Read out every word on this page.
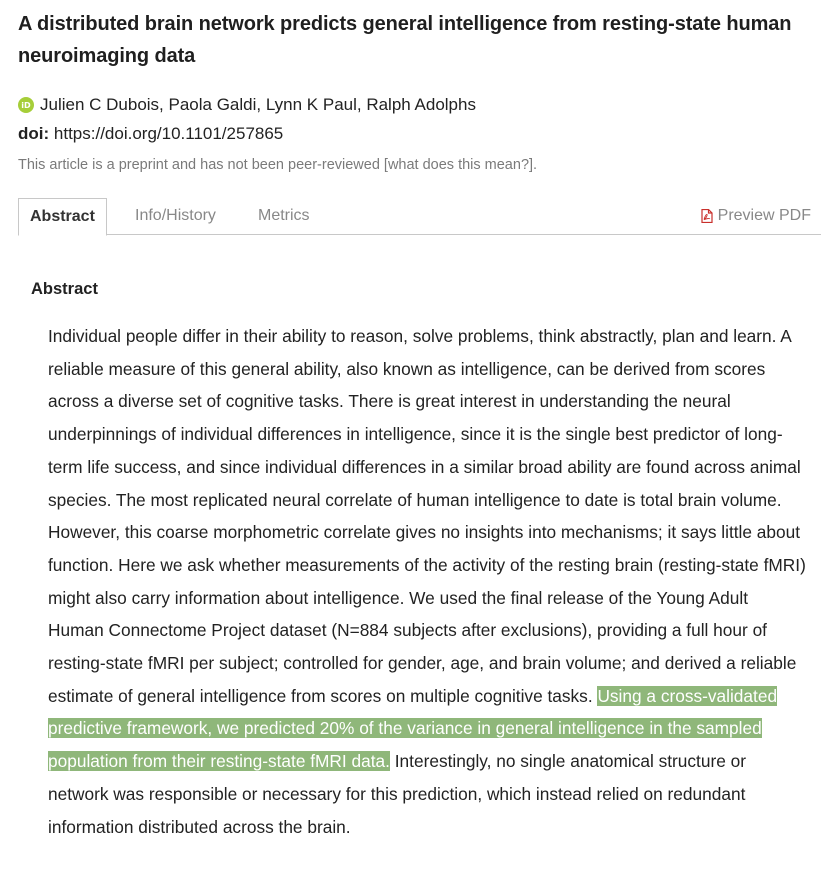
A distributed brain network predicts general intelligence from resting-state human neuroimaging data
iD Julien C Dubois, Paola Galdi, Lynn K Paul, Ralph Adolphs
doi: https://doi.org/10.1101/257865
This article is a preprint and has not been peer-reviewed [what does this mean?].
Abstract	Info/History	Metrics	Preview PDF
Abstract
Individual people differ in their ability to reason, solve problems, think abstractly, plan and learn. A reliable measure of this general ability, also known as intelligence, can be derived from scores across a diverse set of cognitive tasks. There is great interest in understanding the neural underpinnings of individual differences in intelligence, since it is the single best predictor of long-term life success, and since individual differences in a similar broad ability are found across animal species. The most replicated neural correlate of human intelligence to date is total brain volume. However, this coarse morphometric correlate gives no insights into mechanisms; it says little about function. Here we ask whether measurements of the activity of the resting brain (resting-state fMRI) might also carry information about intelligence. We used the final release of the Young Adult Human Connectome Project dataset (N=884 subjects after exclusions), providing a full hour of resting-state fMRI per subject; controlled for gender, age, and brain volume; and derived a reliable estimate of general intelligence from scores on multiple cognitive tasks. Using a cross-validated predictive framework, we predicted 20% of the variance in general intelligence in the sampled population from their resting-state fMRI data. Interestingly, no single anatomical structure or network was responsible or necessary for this prediction, which instead relied on redundant information distributed across the brain.
